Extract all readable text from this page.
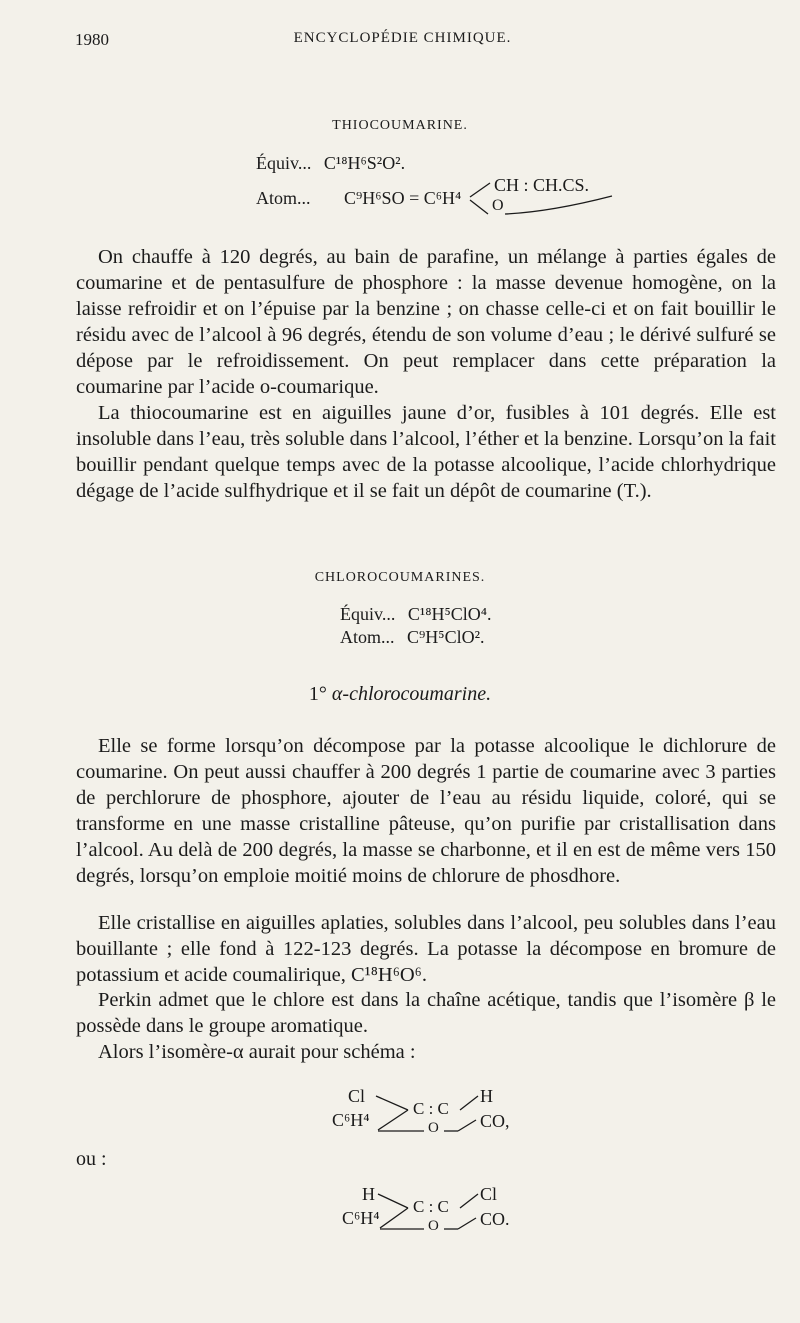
1980	ENCYCLOPÉDIE CHIMIQUE.
THIOCOUMARINE.
Équiv... C¹⁸H⁶S²O².
Atom... C⁹H⁶SO = C⁶H⁴
CH : CH.CS.
O

On chauffe à 120 degrés, au bain de parafine, un mélange à parties égales de coumarine et de pentasulfure de phosphore : la masse devenue homogène, on la laisse refroidir et on l’épuise par la benzine ; on chasse celle-ci et on fait bouillir le résidu avec de l’alcool à 96 degrés, étendu de son volume d’eau ; le dérivé sulfuré se dépose par le refroidissement. On peut remplacer dans cette préparation la coumarine par l’acide o-coumarique.

La thiocoumarine est en aiguilles jaune d’or, fusibles à 101 degrés. Elle est insoluble dans l’eau, très soluble dans l’alcool, l’éther et la benzine. Lorsqu’on la fait bouillir pendant quelque temps avec de la potasse alcoolique, l’acide chlorhydrique dégage de l’acide sulfhydrique et il se fait un dépôt de coumarine (T.).

CHLOROCOUMARINES.
Équiv... C¹⁸H⁵ClO⁴.
Atom... C⁹H⁵ClO².
1° α-chlorocoumarine.

Elle se forme lorsqu’on décompose par la potasse alcoolique le dichlorure de coumarine. On peut aussi chauffer à 200 degrés 1 partie de coumarine avec 3 parties de perchlorure de phosphore, ajouter de l’eau au résidu liquide, coloré, qui se transforme en une masse cristalline pâteuse, qu’on purifie par cristallisation dans l’alcool. Au delà de 200 degrés, la masse se charbonne, et il en est de même vers 150 degrés, lorsqu’on emploie moitié moins de chlorure de phosdhore.

Elle cristallise en aiguilles aplaties, solubles dans l’alcool, peu solubles dans l’eau bouillante ; elle fond à 122-123 degrés. La potasse la décompose en bromure de potassium et acide coumalirique, C¹⁸H⁶O⁶.

Perkin admet que le chlore est dans la chaîne acétique, tandis que l’isomère β le possède dans le groupe aromatique.

Alors l’isomère-α aurait pour schéma :

Cl
C⁶H⁴
C : C
O
H
CO,
ou :
H
C⁶H⁴
C : C
O
Cl
CO.
